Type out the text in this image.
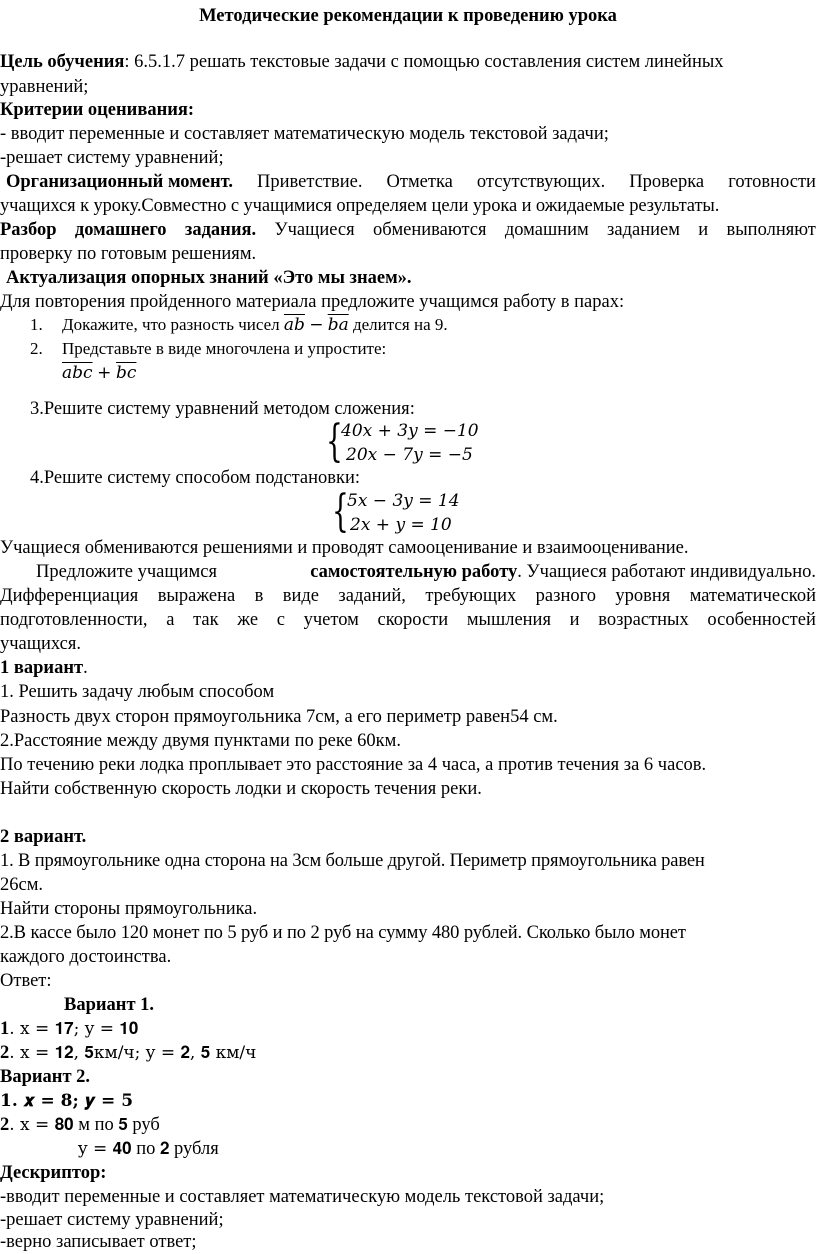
Методические рекомендации к проведению урока
Цель обучения: 6.5.1.7 решать текстовые задачи с помощью составления систем линейных
уравнений;
Критерии оценивания:
- вводит переменные и составляет математическую модель текстовой задачи;
-решает систему уравнений;
Организационный момент. Приветствие. Отметка отсутствующих. Проверка готовности
учащихся к уроку.Совместно с учащимися определяем цели урока и ожидаемые результаты.
Разбор домашнего задания. Учащиеся обмениваются домашним заданием и выполняют
проверку по готовым решениям.
Актуализация опорных знаний «Это мы знаем».
Для повторения пройденного материала предложите учащимся работу в парах:
1. Докажите, что разность чисел $\overline{ab} - \overline{ba}$ делится на 9.
2. Представьте в виде многочлена и упростите:
$\overline{abc} + \overline{bc}$
3.Решите систему уравнений методом сложения:
{
40x + 3y = −10
20x − 7y = −5
4.Решите систему способом подстановки:
{
5x − 3y = 14
2x + y = 10
Учащиеся обмениваются решениями и проводят самооценивание и взаимооценивание.
Предложите учащимся	самостоятельную работу. Учащиеся работают индивидуально.
Дифференциация выражена в виде заданий, требующих разного уровня математической
подготовленности, а так же с учетом скорости мышления и возрастных особенностей
учащихся.
1 вариант.
1. Решить задачу любым способом
Разность двух сторон прямоугольника 7см, а его периметр равен54 см.
2.Расстояние между двумя пунктами по реке 60км.
По течению реки лодка проплывает это расстояние за 4 часа, а против течения за 6 часов.
Найти собственную скорость лодки и скорость течения реки.
2 вариант.
1. В прямоугольнике одна сторона на 3см больше другой. Периметр прямоугольника равен
26см.
Найти стороны прямоугольника.
2.В кассе было 120 монет по 5 руб и по 2 руб на сумму 480 рублей. Сколько было монет
каждого достоинства.
Ответ:
Вариант 1.
1. x = 𝟏𝟕; y = 𝟏𝟎
2. x = 𝟏𝟐, 𝟓км/ч; y = 𝟐, 𝟓 км/ч
Вариант 2.
𝟏. 𝒙 = 𝟖; 𝒚 = 𝟓
2. x = 𝟖𝟎 м по 𝟓 руб
y = 𝟒𝟎 по 𝟐 рубля
Дескриптор:
-вводит переменные и составляет математическую модель текстовой задачи;
-решает систему уравнений;
-верно записывает ответ;
